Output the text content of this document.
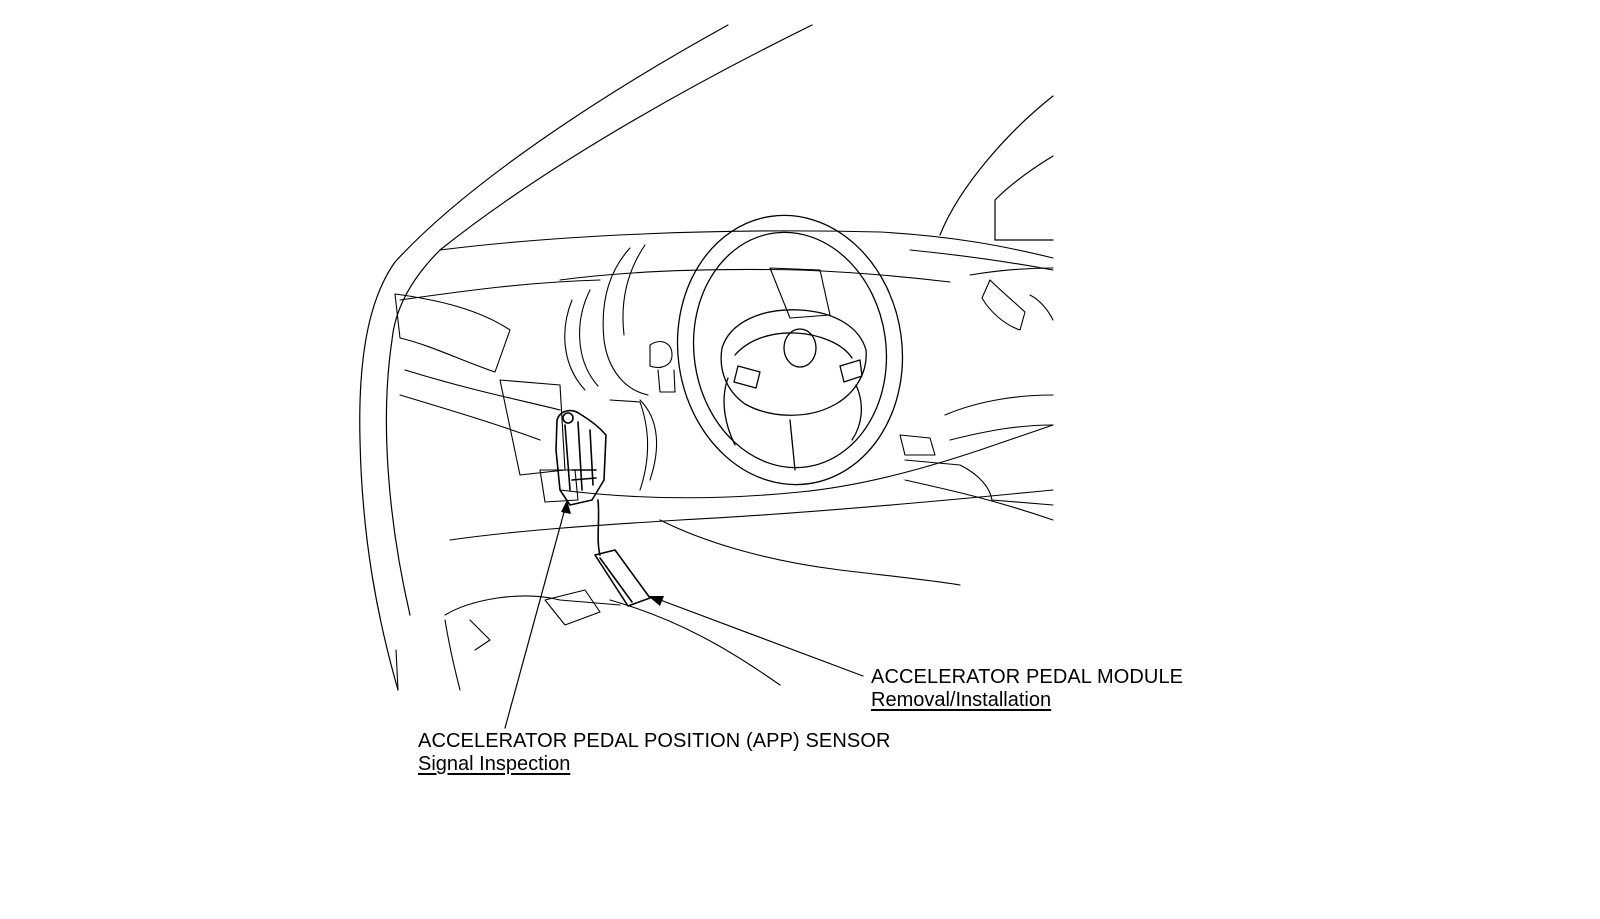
ACCELERATOR PEDAL MODULE
Removal/Installation
ACCELERATOR PEDAL POSITION (APP) SENSOR
Signal Inspection
